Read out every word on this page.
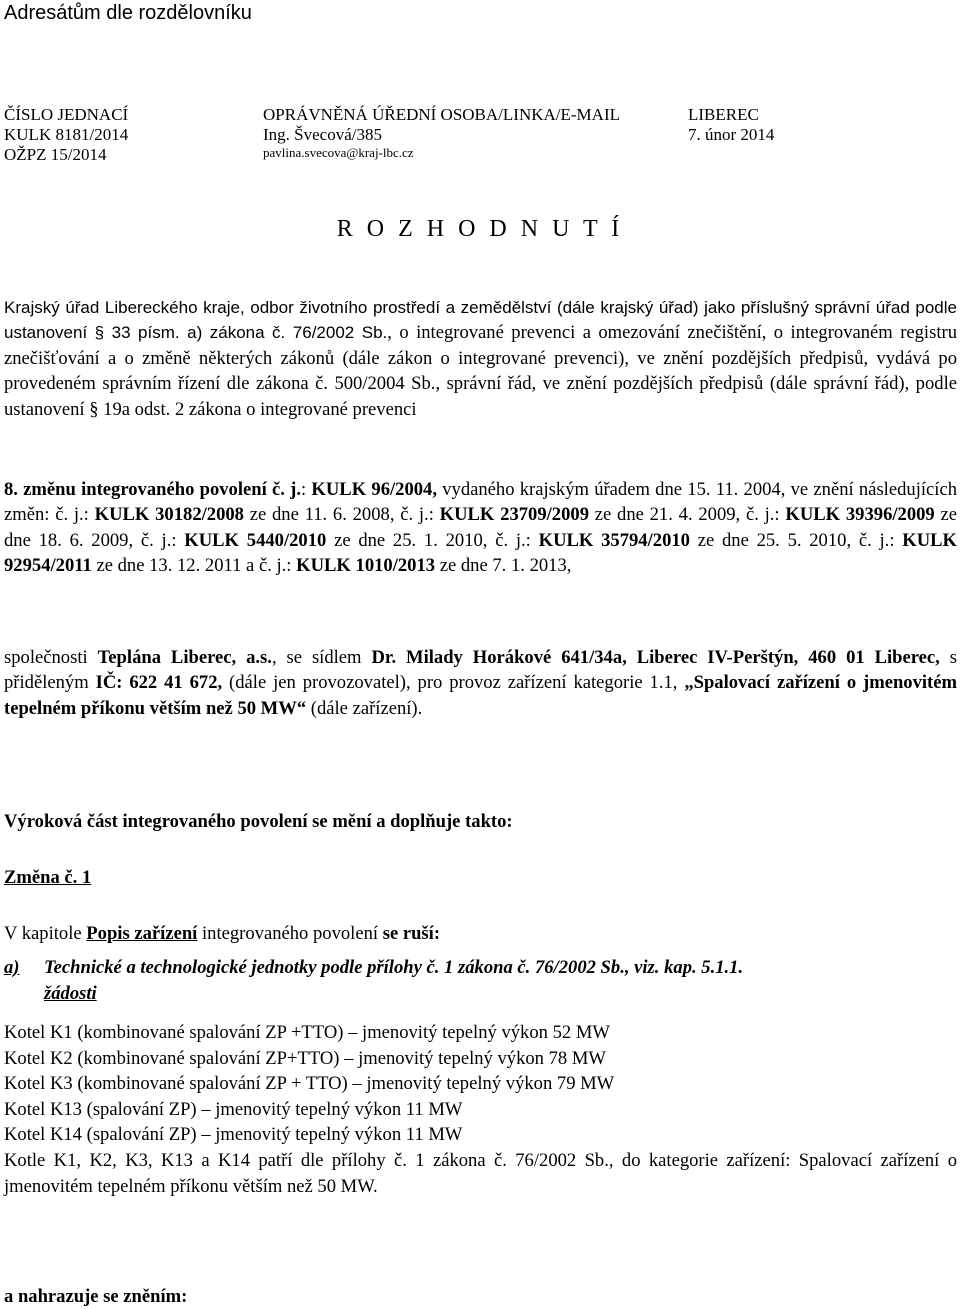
Adresátům dle rozdělovníku
ČÍSLO JEDNACÍ
KULK 8181/2014
OŽPZ 15/2014
OPRÁVNĚNÁ ÚŘEDNÍ OSOBA/LINKA/E-MAIL
Ing. Švecová/385
pavlina.svecova@kraj-lbc.cz
LIBEREC
7. únor 2014
R O Z H O D N U T Í

Krajský úřad Libereckého kraje, odbor životního prostředí a zemědělství (dále krajský úřad) jako příslušný správní úřad podle ustanovení § 33 písm. a) zákona č. 76/2002 Sb., o integrované prevenci a omezování znečištění, o integrovaném registru znečišťování a o změně některých zákonů (dále zákon o integrované prevenci), ve znění pozdějších předpisů, vydává po provedeném správním řízení dle zákona č. 500/2004 Sb., správní řád, ve znění pozdějších předpisů (dále správní řád), podle ustanovení § 19a odst. 2 zákona o integrované prevenci

8. změnu integrovaného povolení č. j.: KULK 96/2004, vydaného krajským úřadem dne 15. 11. 2004, ve znění následujících změn: č. j.: KULK 30182/2008 ze dne 11. 6. 2008, č. j.: KULK 23709/2009 ze dne 21. 4. 2009, č. j.: KULK 39396/2009 ze dne 18. 6. 2009, č. j.: KULK 5440/2010 ze dne 25. 1. 2010, č. j.: KULK 35794/2010 ze dne 25. 5. 2010, č. j.: KULK 92954/2011 ze dne 13. 12. 2011 a č. j.: KULK 1010/2013 ze dne 7. 1. 2013,

společnosti Teplána Liberec, a.s., se sídlem Dr. Milady Horákové 641/34a, Liberec IV-Perštýn, 460 01 Liberec, s přiděleným IČ: 622 41 672, (dále jen provozovatel), pro provoz zařízení kategorie 1.1, „Spalovací zařízení o jmenovitém tepelném příkonu větším než 50 MW“ (dále zařízení).

Výroková část integrovaného povolení se mění a doplňuje takto:

Změna č. 1

V kapitole Popis zařízení integrovaného povolení se ruší:

a) Technické a technologické jednotky podle přílohy č. 1 zákona č. 76/2002 Sb., viz. kap. 5.1.1.
žádosti

Kotel K1 (kombinované spalování ZP +TTO) – jmenovitý tepelný výkon 52 MW

Kotel K2 (kombinované spalování ZP+TTO) – jmenovitý tepelný výkon 78 MW

Kotel K3 (kombinované spalování ZP + TTO) – jmenovitý tepelný výkon 79 MW

Kotel K13 (spalování ZP) – jmenovitý tepelný výkon 11 MW

Kotel K14 (spalování ZP) – jmenovitý tepelný výkon 11 MW

Kotle K1, K2, K3, K13 a K14 patří dle přílohy č. 1 zákona č. 76/2002 Sb., do kategorie zařízení: Spalovací zařízení o jmenovitém tepelném příkonu větším než 50 MW.

a nahrazuje se zněním:
